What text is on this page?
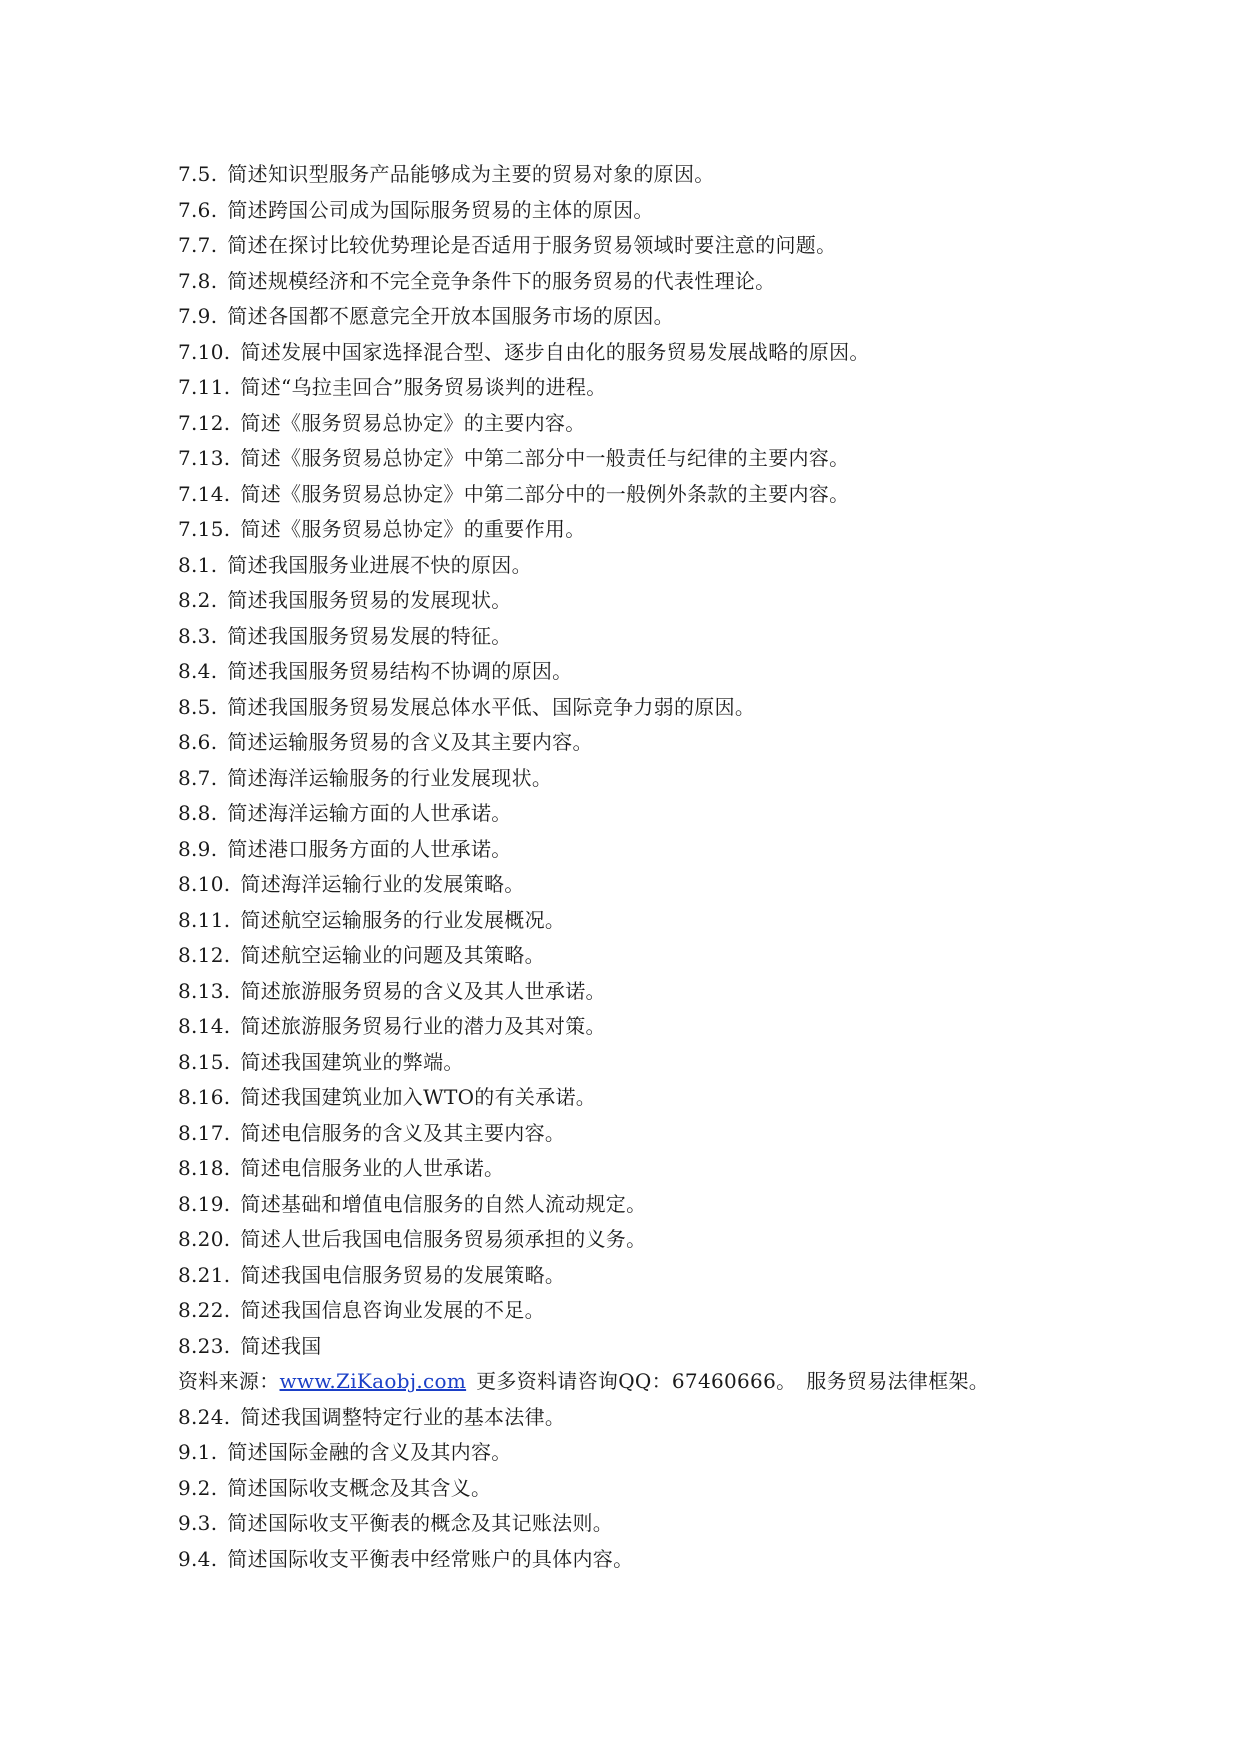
7.5. 简述知识型服务产品能够成为主要的贸易对象的原因。
7.6. 简述跨国公司成为国际服务贸易的主体的原因。
7.7. 简述在探讨比较优势理论是否适用于服务贸易领域时要注意的问题。
7.8. 简述规模经济和不完全竞争条件下的服务贸易的代表性理论。
7.9. 简述各国都不愿意完全开放本国服务市场的原因。
7.10. 简述发展中国家选择混合型、逐步自由化的服务贸易发展战略的原因。
7.11. 简述“乌拉圭回合”服务贸易谈判的进程。
7.12. 简述《服务贸易总协定》的主要内容。
7.13. 简述《服务贸易总协定》中第二部分中一般责任与纪律的主要内容。
7.14. 简述《服务贸易总协定》中第二部分中的一般例外条款的主要内容。
7.15. 简述《服务贸易总协定》的重要作用。
8.1. 简述我国服务业进展不快的原因。
8.2. 简述我国服务贸易的发展现状。
8.3. 简述我国服务贸易发展的特征。
8.4. 简述我国服务贸易结构不协调的原因。
8.5. 简述我国服务贸易发展总体水平低、国际竞争力弱的原因。
8.6. 简述运输服务贸易的含义及其主要内容。
8.7. 简述海洋运输服务的行业发展现状。
8.8. 简述海洋运输方面的人世承诺。
8.9. 简述港口服务方面的人世承诺。
8.10. 简述海洋运输行业的发展策略。
8.11. 简述航空运输服务的行业发展概况。
8.12. 简述航空运输业的问题及其策略。
8.13. 简述旅游服务贸易的含义及其人世承诺。
8.14. 简述旅游服务贸易行业的潜力及其对策。
8.15. 简述我国建筑业的弊端。
8.16. 简述我国建筑业加入WTO的有关承诺。
8.17. 简述电信服务的含义及其主要内容。
8.18. 简述电信服务业的人世承诺。
8.19. 简述基础和增值电信服务的自然人流动规定。
8.20. 简述人世后我国电信服务贸易须承担的义务。
8.21. 简述我国电信服务贸易的发展策略。
8.22. 简述我国信息咨询业发展的不足。
8.23. 简述我国
资料来源：www.ZiKaobj.com 更多资料请咨询QQ：67460666。 服务贸易法律框架。
8.24. 简述我国调整特定行业的基本法律。
9.1. 简述国际金融的含义及其内容。
9.2. 简述国际收支概念及其含义。
9.3. 简述国际收支平衡表的概念及其记账法则。
9.4. 简述国际收支平衡表中经常账户的具体内容。
